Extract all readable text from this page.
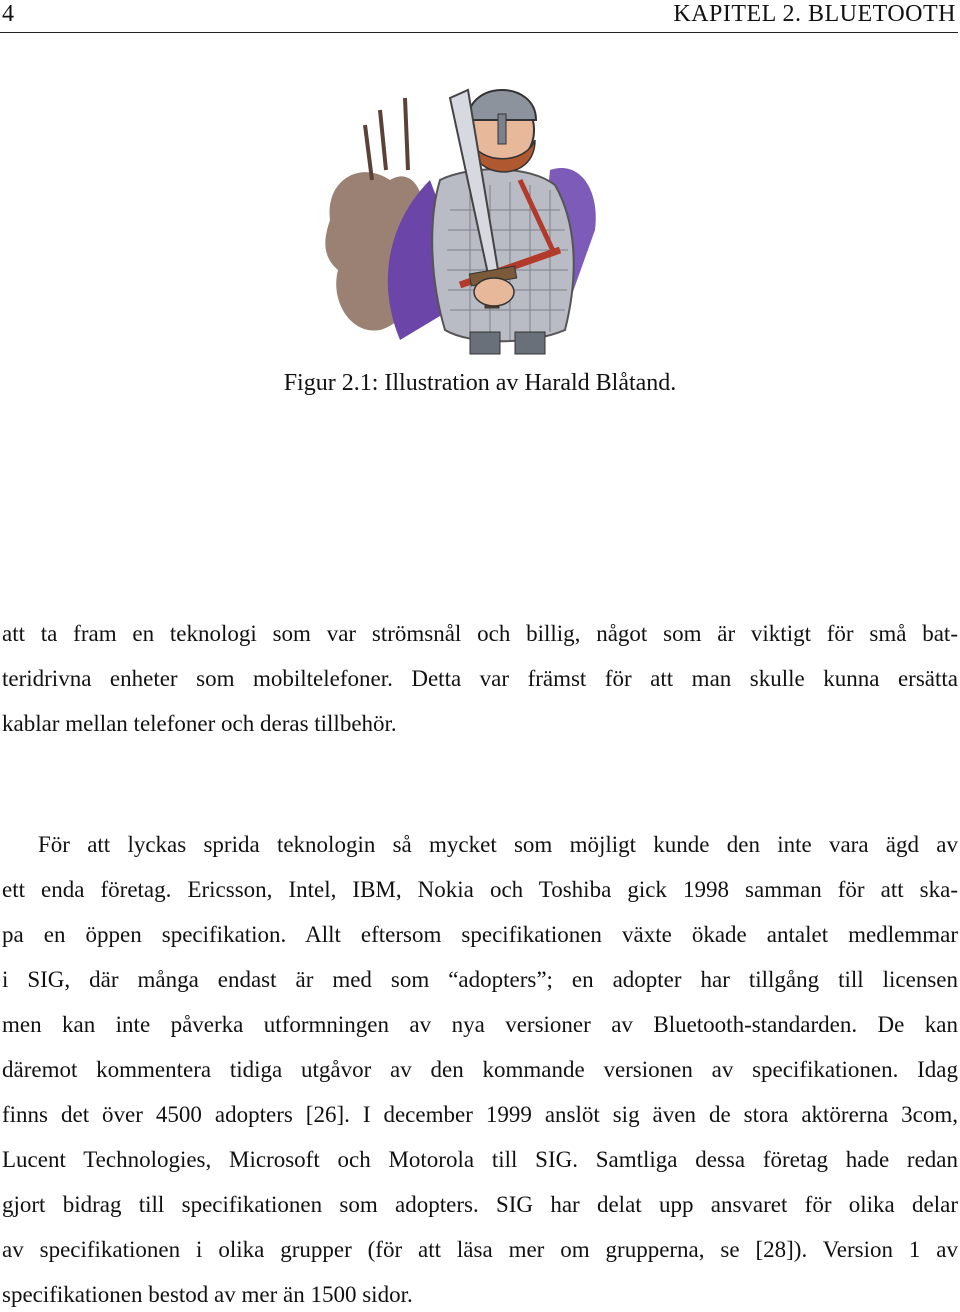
4	KAPITEL 2. BLUETOOTH
Figur 2.1: Illustration av Harald Blåtand.
att ta fram en teknologi som var strömsnål och billig, något som är viktigt för små bat-
teridrivna enheter som mobiltelefoner. Detta var främst för att man skulle kunna ersätta
kablar mellan telefoner och deras tillbehör.
För att lyckas sprida teknologin så mycket som möjligt kunde den inte vara ägd av
ett enda företag. Ericsson, Intel, IBM, Nokia och Toshiba gick 1998 samman för att ska-
pa en öppen specifikation. Allt eftersom specifikationen växte ökade antalet medlemmar
i SIG, där många endast är med som “adopters”; en adopter har tillgång till licensen
men kan inte påverka utformningen av nya versioner av Bluetooth-standarden. De kan
däremot kommentera tidiga utgåvor av den kommande versionen av specifikationen. Idag
finns det över 4500 adopters [26]. I december 1999 anslöt sig även de stora aktörerna 3com,
Lucent Technologies, Microsoft och Motorola till SIG. Samtliga dessa företag hade redan
gjort bidrag till specifikationen som adopters. SIG har delat upp ansvaret för olika delar
av specifikationen i olika grupper (för att läsa mer om grupperna, se [28]). Version 1 av
specifikationen bestod av mer än 1500 sidor.
